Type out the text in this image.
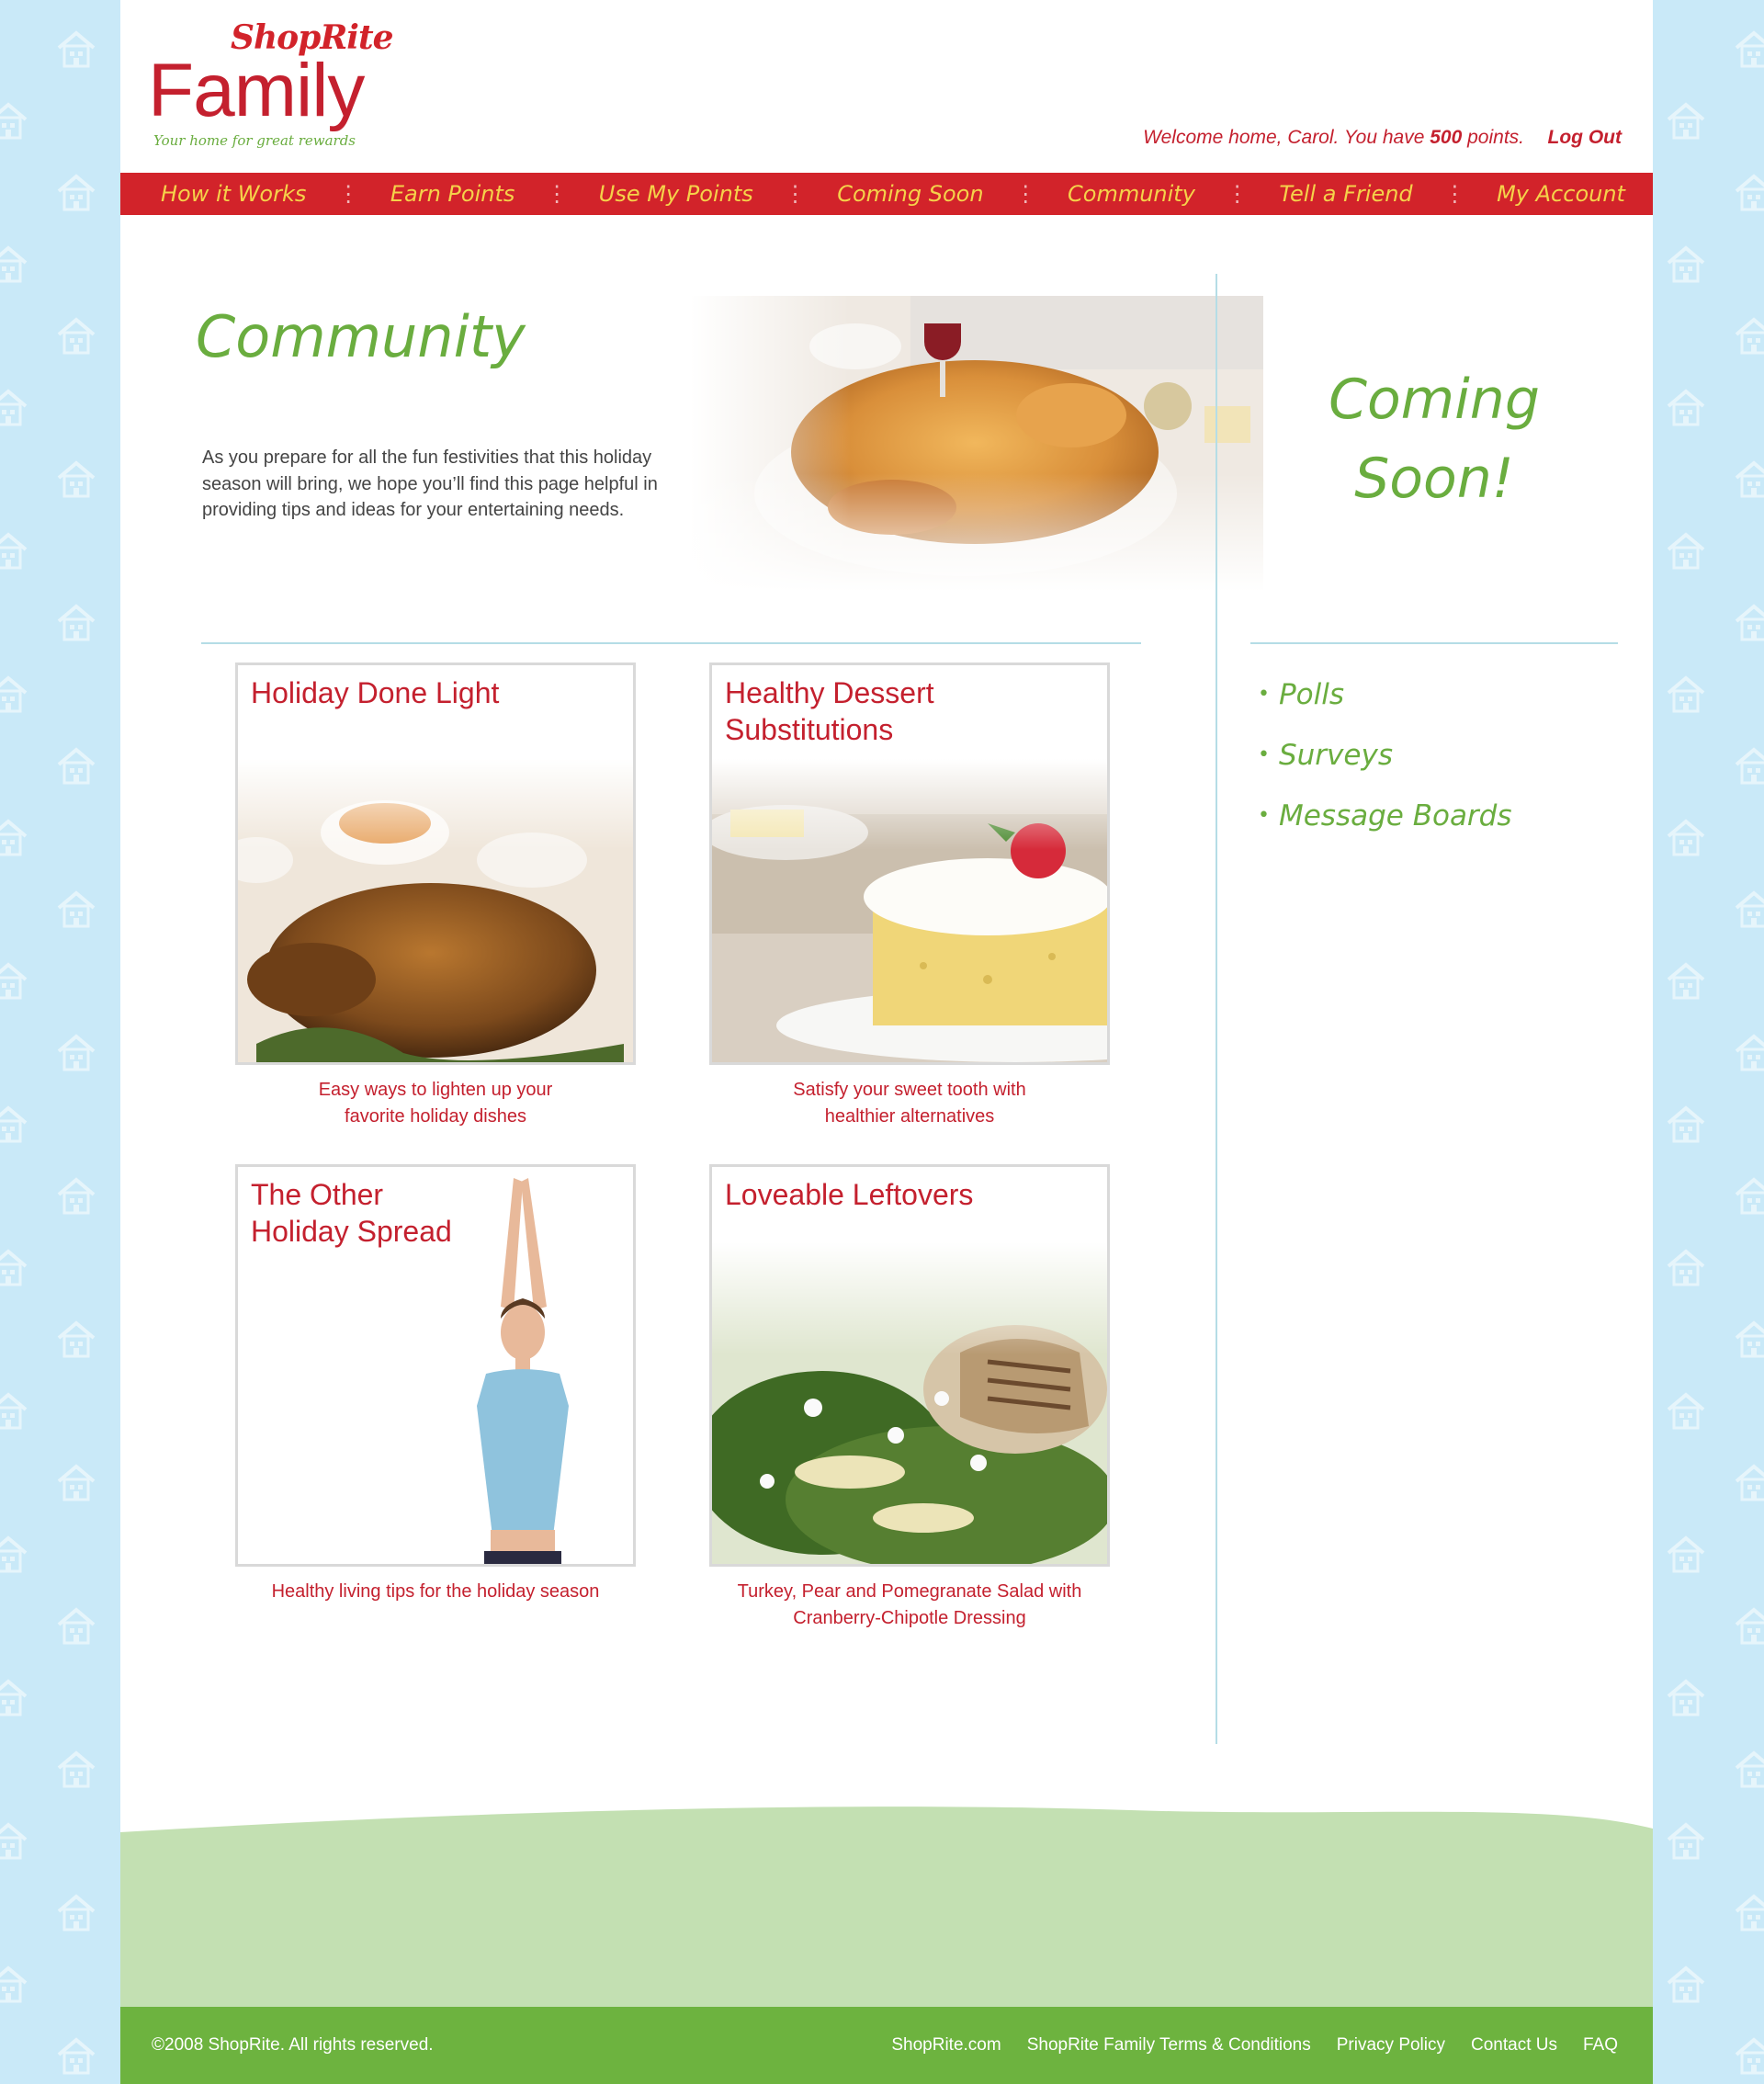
ShopRite
Family
Your home for great rewards	Welcome home, Carol. You have 500 points. Log Out
How it Works ⋮ Earn Points ⋮ Use My Points ⋮ Coming Soon ⋮ Community ⋮ Tell a Friend ⋮ My Account
Community
As you prepare for all the fun festivities that this holiday season will bring, we hope you’ll find this page helpful in providing tips and ideas for your entertaining needs.
Holiday Done Light
Easy ways to lighten up your
favorite holiday dishes
Healthy Dessert
Substitutions
Satisfy your sweet tooth with
healthier alternatives
The Other
Holiday Spread
Healthy living tips for the holiday season
Loveable Leftovers
Turkey, Pear and Pomegranate Salad with
Cranberry-Chipotle Dressing
Coming
Soon!
• Polls
• Surveys
• Message Boards
©2008 ShopRite. All rights reserved.	ShopRite.com ShopRite Family Terms & Conditions Privacy Policy Contact Us FAQ
